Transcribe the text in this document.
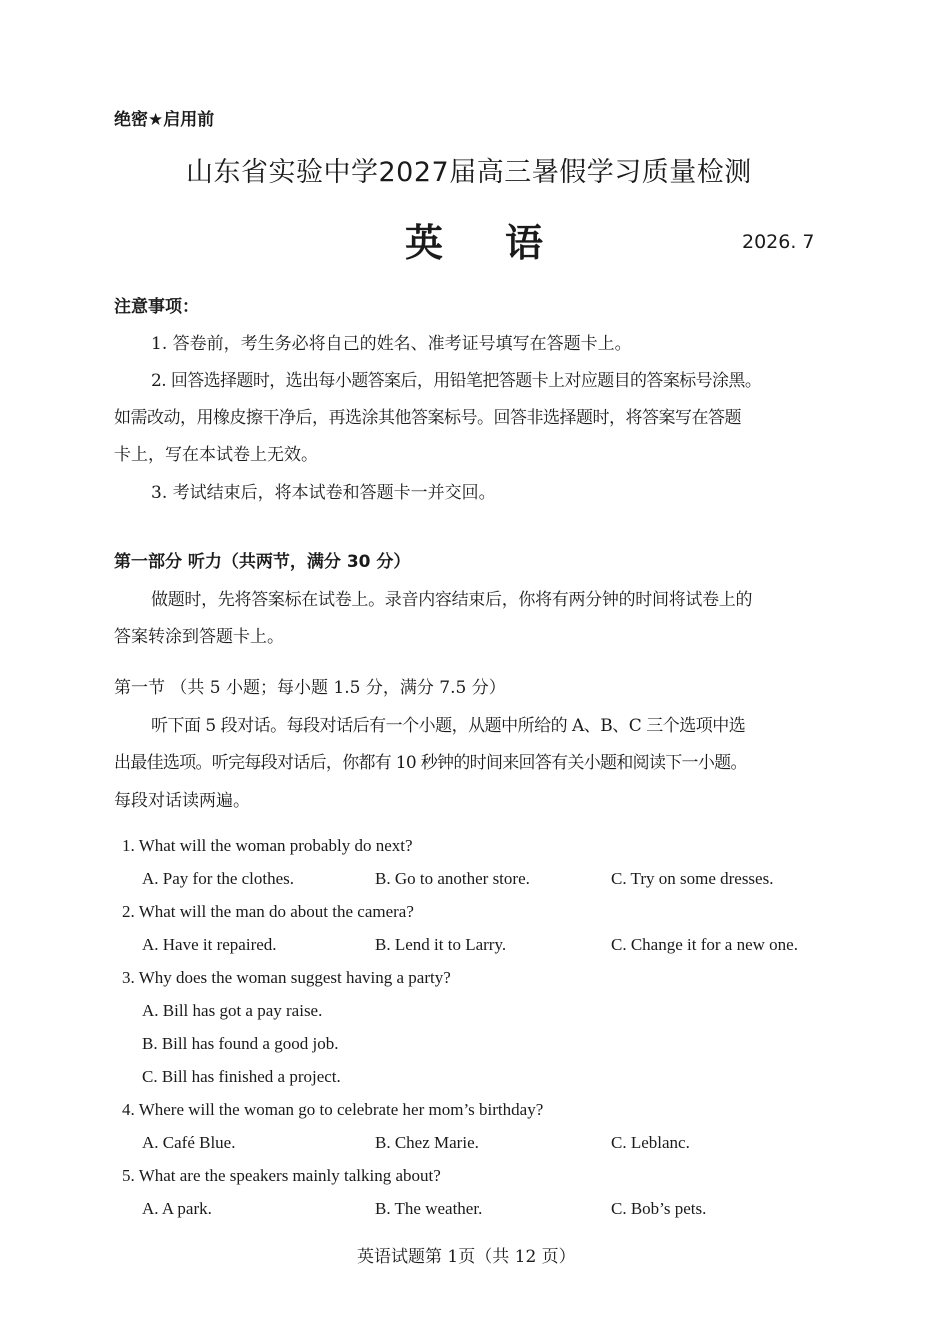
绝密★启用前
山东省实验中学2027届高三暑假学习质量检测
英 语	2026. 7
注意事项：
1. 答卷前，考生务必将自己的姓名、准考证号填写在答题卡上。
2. 回答选择题时，选出每小题答案后，用铅笔把答题卡上对应题目的答案标号涂黑。
如需改动，用橡皮擦干净后，再选涂其他答案标号。回答非选择题时，将答案写在答题
卡上，写在本试卷上无效。
3. 考试结束后，将本试卷和答题卡一并交回。
第一部分 听力（共两节，满分 30 分）
做题时，先将答案标在试卷上。录音内容结束后，你将有两分钟的时间将试卷上的
答案转涂到答题卡上。
第一节 （共 5 小题；每小题 1.5 分，满分 7.5 分）
听下面 5 段对话。每段对话后有一个小题，从题中所给的 A、B、C 三个选项中选
出最佳选项。听完每段对话后，你都有 10 秒钟的时间来回答有关小题和阅读下一小题。
每段对话读两遍。
1. What will the woman probably do next?
A. Pay for the clothes.	B. Go to another store.	C. Try on some dresses.
2. What will the man do about the camera?
A. Have it repaired.	B. Lend it to Larry.	C. Change it for a new one.
3. Why does the woman suggest having a party?
A. Bill has got a pay raise.
B. Bill has found a good job.
C. Bill has finished a project.
4. Where will the woman go to celebrate her mom’s birthday?
A. Café Blue.	B. Chez Marie.	C. Leblanc.
5. What are the speakers mainly talking about?
A. A park.	B. The weather.	C. Bob’s pets.
英语试题第 1页（共 12 页）
